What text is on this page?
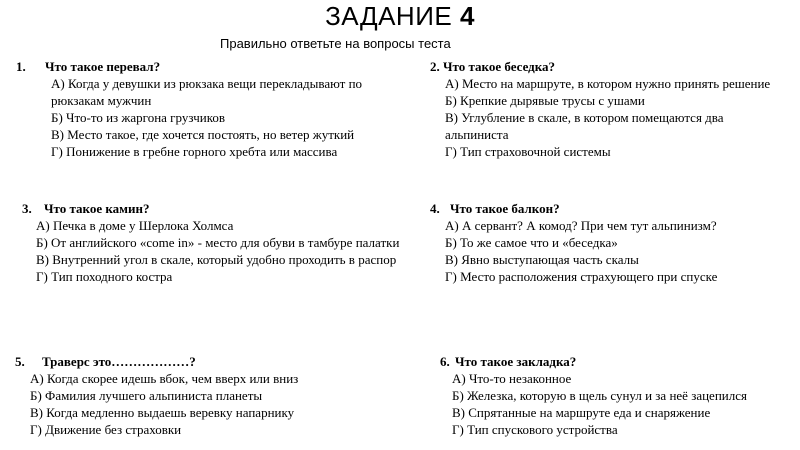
ЗАДАНИЕ 4
Правильно ответьте на вопросы теста
1. Что такое перевал?
А) Когда у девушки из рюкзака вещи перекладывают по рюкзакам мужчин
Б) Что-то из жаргона грузчиков
В) Место такое, где хочется постоять, но ветер жуткий
Г) Понижение в гребне горного хребта или массива
2. Что такое беседка?
А) Место на маршруте, в котором нужно принять решение
Б) Крепкие дырявые трусы с ушами
В) Углубление в скале, в котором помещаются два альпиниста
Г) Тип страховочной системы
3. Что такое камин?
А) Печка в доме у Шерлока Холмса
Б) От английского «come in» - место для обуви в тамбуре палатки
В) Внутренний угол в скале, который удобно проходить в распор
Г) Тип походного костра
4. Что такое балкон?
А) А сервант? А комод? При чем тут альпинизм?
Б) То же самое что и «беседка»
В) Явно выступающая часть скалы
Г) Место расположения страхующего при спуске
5. Траверс это………………?
А) Когда скорее идешь вбок, чем вверх или вниз
Б) Фамилия лучшего альпиниста планеты
В) Когда медленно выдаешь веревку напарнику
Г) Движение без страховки
6. Что такое закладка?
А) Что-то незаконное
Б) Железка, которую в щель сунул и за неё зацепился
В) Спрятанные на маршруте еда и снаряжение
Г) Тип спускового устройства
